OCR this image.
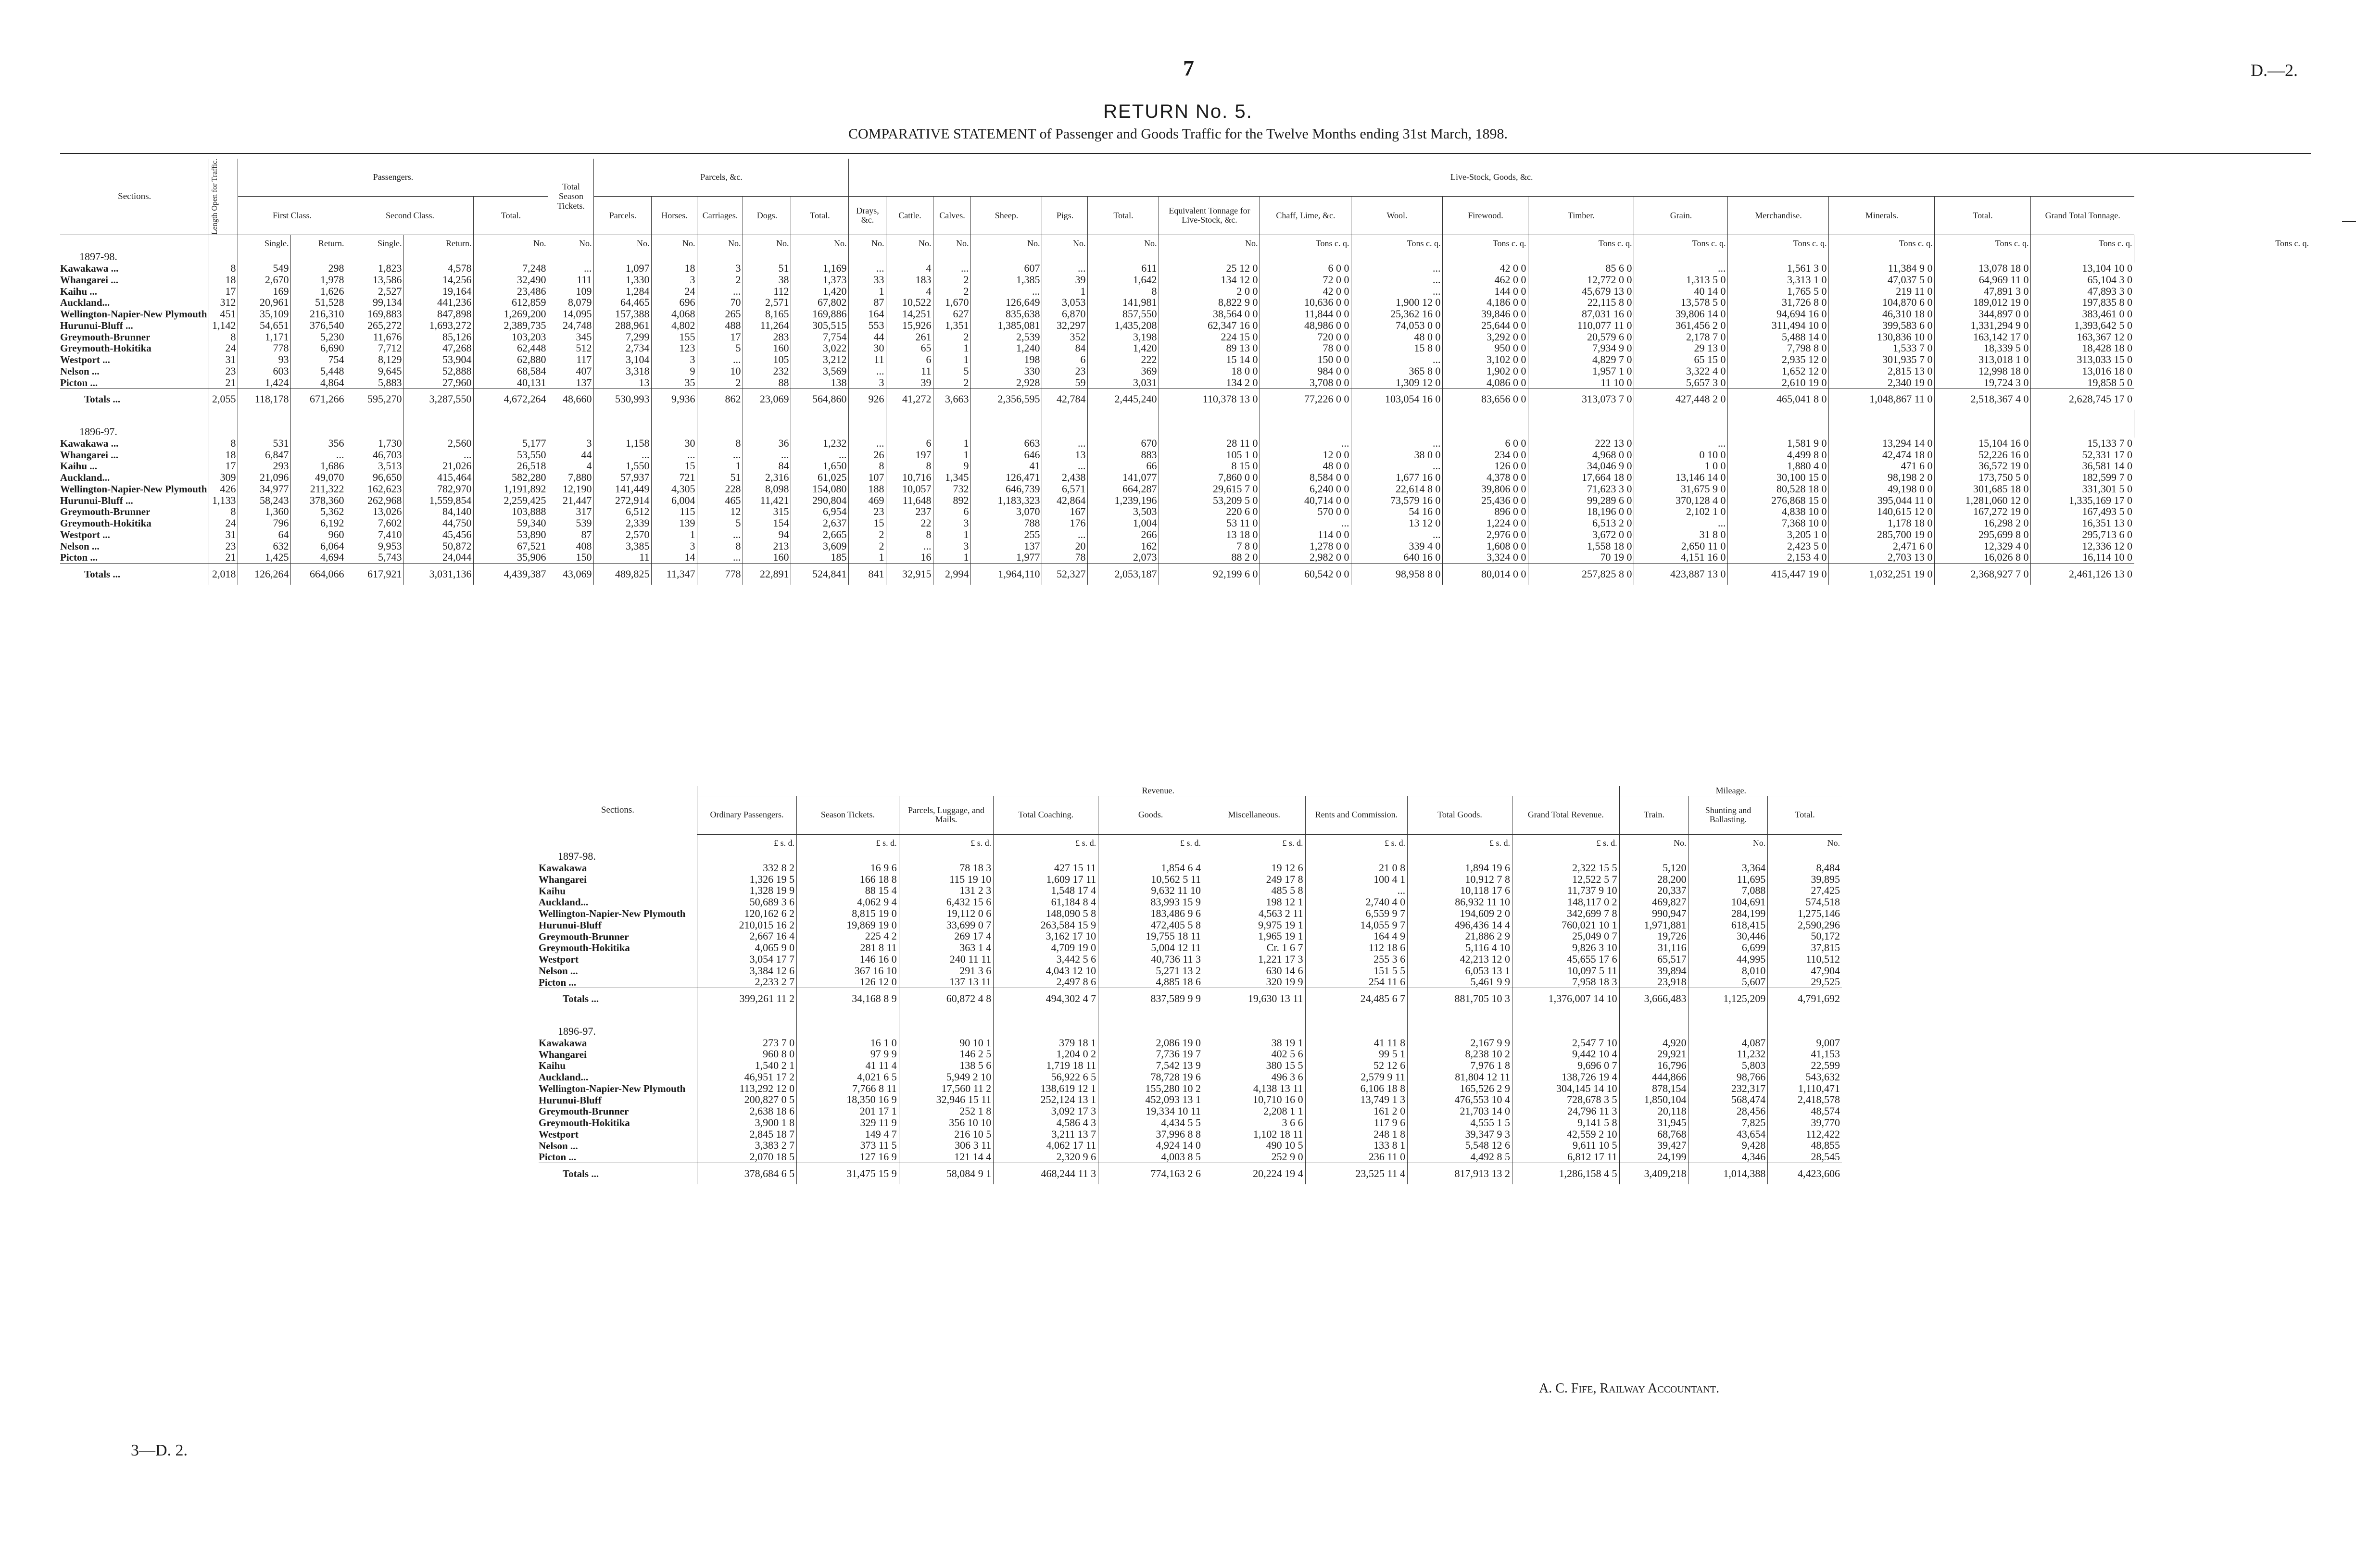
7	D.—2.
RETURN No. 5.
COMPARATIVE STATEMENT of Passenger and Goods Traffic for the Twelve Months ending 31st March, 1898.
Sections.	Length Open for Traffic.	Passengers.					Total Season Tickets.	Parcels, &c.					Live-Stock, Goods, &c.																
		First Class.		Second Class.		Total.		Parcels.	Horses.	Carriages.	Dogs.	Total.	Drays, &c.	Cattle.	Calves.	Sheep.	Pigs.	Total.	Equivalent Tonnage for Live-Stock, &c.	Chaff, Lime, &c.	Wool.	Firewood.	Timber.	Grain.	Merchandise.	Minerals.	Total.	Grand Total Tonnage.	
		Single.	Return.	Single.	Return.	No.	No.	No.	No.	No.	No.	No.	No.	No.	No.	No.	No.	No.	No.	Tons c. q.	Tons c. q.	Tons c. q.	Tons c. q.	Tons c. q.	Tons c. q.	Tons c. q.	Tons c. q.	Tons c. q.	Tons c. q.
1897-98.																													
Kawakawa ...	8	549	298	1,823	4,578	7,248	...	1,097	18	3	51	1,169	...	4	...	607	...	611	25 12 0	6 0 0	...	42 0 0	85 6 0	...	1,561 3 0	11,384 9 0	13,078 18 0	13,104 10 0	
Whangarei ...	18	2,670	1,978	13,586	14,256	32,490	111	1,330	3	2	38	1,373	33	183	2	1,385	39	1,642	134 12 0	72 0 0	...	462 0 0	12,772 0 0	1,313 5 0	3,313 1 0	47,037 5 0	64,969 11 0	65,104 3 0	
Kaihu ...	17	169	1,626	2,527	19,164	23,486	109	1,284	24	...	112	1,420	1	4	2	...	1	8	2 0 0	42 0 0	...	144 0 0	45,679 13 0	40 14 0	1,765 5 0	219 11 0	47,891 3 0	47,893 3 0	
Auckland...	312	20,961	51,528	99,134	441,236	612,859	8,079	64,465	696	70	2,571	67,802	87	10,522	1,670	126,649	3,053	141,981	8,822 9 0	10,636 0 0	1,900 12 0	4,186 0 0	22,115 8 0	13,578 5 0	31,726 8 0	104,870 6 0	189,012 19 0	197,835 8 0	
Wellington-Napier-New Plymouth	451	35,109	216,310	169,883	847,898	1,269,200	14,095	157,388	4,068	265	8,165	169,886	164	14,251	627	835,638	6,870	857,550	38,564 0 0	11,844 0 0	25,362 16 0	39,846 0 0	87,031 16 0	39,806 14 0	94,694 16 0	46,310 18 0	344,897 0 0	383,461 0 0	
Hurunui-Bluff ...	1,142	54,651	376,540	265,272	1,693,272	2,389,735	24,748	288,961	4,802	488	11,264	305,515	553	15,926	1,351	1,385,081	32,297	1,435,208	62,347 16 0	48,986 0 0	74,053 0 0	25,644 0 0	110,077 11 0	361,456 2 0	311,494 10 0	399,583 6 0	1,331,294 9 0	1,393,642 5 0	
Greymouth-Brunner	8	1,171	5,230	11,676	85,126	103,203	345	7,299	155	17	283	7,754	44	261	2	2,539	352	3,198	224 15 0	720 0 0	48 0 0	3,292 0 0	20,579 6 0	2,178 7 0	5,488 14 0	130,836 10 0	163,142 17 0	163,367 12 0	
Greymouth-Hokitika	24	778	6,690	7,712	47,268	62,448	512	2,734	123	5	160	3,022	30	65	1	1,240	84	1,420	89 13 0	78 0 0	15 8 0	950 0 0	7,934 9 0	29 13 0	7,798 8 0	1,533 7 0	18,339 5 0	18,428 18 0	
Westport ...	31	93	754	8,129	53,904	62,880	117	3,104	3	...	105	3,212	11	6	1	198	6	222	15 14 0	150 0 0	...	3,102 0 0	4,829 7 0	65 15 0	2,935 12 0	301,935 7 0	313,018 1 0	313,033 15 0	
Nelson ...	23	603	5,448	9,645	52,888	68,584	407	3,318	9	10	232	3,569	...	11	5	330	23	369	18 0 0	984 0 0	365 8 0	1,902 0 0	1,957 1 0	3,322 4 0	1,652 12 0	2,815 13 0	12,998 18 0	13,016 18 0	
Picton ...	21	1,424	4,864	5,883	27,960	40,131	137	13	35	2	88	138	3	39	2	2,928	59	3,031	134 2 0	3,708 0 0	1,309 12 0	4,086 0 0	11 10 0	5,657 3 0	2,610 19 0	2,340 19 0	19,724 3 0	19,858 5 0	
Totals ...	2,055	118,178	671,266	595,270	3,287,550	4,672,264	48,660	530,993	9,936	862	23,069	564,860	926	41,272	3,663	2,356,595	42,784	2,445,240	110,378 13 0	77,226 0 0	103,054 16 0	83,656 0 0	313,073 7 0	427,448 2 0	465,041 8 0	1,048,867 11 0	2,518,367 4 0	2,628,745 17 0	

1896-97.																													
Kawakawa ...	8	531	356	1,730	2,560	5,177	3	1,158	30	8	36	1,232	...	6	1	663	...	670	28 11 0	...	...	6 0 0	222 13 0	...	1,581 9 0	13,294 14 0	15,104 16 0	15,133 7 0	
Whangarei ...	18	6,847	...	46,703	...	53,550	44	...	...	...	...	...	26	197	1	646	13	883	105 1 0	12 0 0	38 0 0	234 0 0	4,968 0 0	0 10 0	4,499 8 0	42,474 18 0	52,226 16 0	52,331 17 0	
Kaihu ...	17	293	1,686	3,513	21,026	26,518	4	1,550	15	1	84	1,650	8	8	9	41	...	66	8 15 0	48 0 0	...	126 0 0	34,046 9 0	1 0 0	1,880 4 0	471 6 0	36,572 19 0	36,581 14 0	
Auckland...	309	21,096	49,070	96,650	415,464	582,280	7,880	57,937	721	51	2,316	61,025	107	10,716	1,345	126,471	2,438	141,077	7,860 0 0	8,584 0 0	1,677 16 0	4,378 0 0	17,664 18 0	13,146 14 0	30,100 15 0	98,198 2 0	173,750 5 0	182,599 7 0	
Wellington-Napier-New Plymouth	426	34,977	211,322	162,623	782,970	1,191,892	12,190	141,449	4,305	228	8,098	154,080	188	10,057	732	646,739	6,571	664,287	29,615 7 0	6,240 0 0	22,614 8 0	39,806 0 0	71,623 3 0	31,675 9 0	80,528 18 0	49,198 0 0	301,685 18 0	331,301 5 0	
Hurunui-Bluff ...	1,133	58,243	378,360	262,968	1,559,854	2,259,425	21,447	272,914	6,004	465	11,421	290,804	469	11,648	892	1,183,323	42,864	1,239,196	53,209 5 0	40,714 0 0	73,579 16 0	25,436 0 0	99,289 6 0	370,128 4 0	276,868 15 0	395,044 11 0	1,281,060 12 0	1,335,169 17 0	
Greymouth-Brunner	8	1,360	5,362	13,026	84,140	103,888	317	6,512	115	12	315	6,954	23	237	6	3,070	167	3,503	220 6 0	570 0 0	54 16 0	896 0 0	18,196 0 0	2,102 1 0	4,838 10 0	140,615 12 0	167,272 19 0	167,493 5 0	
Greymouth-Hokitika	24	796	6,192	7,602	44,750	59,340	539	2,339	139	5	154	2,637	15	22	3	788	176	1,004	53 11 0	...	13 12 0	1,224 0 0	6,513 2 0	...	7,368 10 0	1,178 18 0	16,298 2 0	16,351 13 0	
Westport ...	31	64	960	7,410	45,456	53,890	87	2,570	1	...	94	2,665	2	8	1	255	...	266	13 18 0	114 0 0	...	2,976 0 0	3,672 0 0	31 8 0	3,205 1 0	285,700 19 0	295,699 8 0	295,713 6 0	
Nelson ...	23	632	6,064	9,953	50,872	67,521	408	3,385	3	8	213	3,609	2	...	3	137	20	162	7 8 0	1,278 0 0	339 4 0	1,608 0 0	1,558 18 0	2,650 11 0	2,423 5 0	2,471 6 0	12,329 4 0	12,336 12 0	
Picton ...	21	1,425	4,694	5,743	24,044	35,906	150	11	14	...	160	185	1	16	1	1,977	78	2,073	88 2 0	2,982 0 0	640 16 0	3,324 0 0	70 19 0	4,151 16 0	2,153 4 0	2,703 13 0	16,026 8 0	16,114 10 0	
Totals ...	2,018	126,264	664,066	617,921	3,031,136	4,439,387	43,069	489,825	11,347	778	22,891	524,841	841	32,915	2,994	1,964,110	52,327	2,053,187	92,199 6 0	60,542 0 0	98,958 8 0	80,014 0 0	257,825 8 0	423,887 13 0	415,447 19 0	1,032,251 19 0	2,368,927 7 0	2,461,126 13 0	
Sections.	Revenue.									Mileage.		
	Ordinary Passengers.	Season Tickets.	Parcels, Luggage, and Mails.	Total Coaching.	Goods.	Miscellaneous.	Rents and Commission.	Total Goods.	Grand Total Revenue.	Train.	Shunting and Ballasting.	Total.
	£ s. d.	£ s. d.	£ s. d.	£ s. d.	£ s. d.	£ s. d.	£ s. d.	£ s. d.	£ s. d.	No.	No.	No.
1897-98.												
Kawakawa	332 8 2	16 9 6	78 18 3	427 15 11	1,854 6 4	19 12 6	21 0 8	1,894 19 6	2,322 15 5	5,120	3,364	8,484
Whangarei	1,326 19 5	166 18 8	115 19 10	1,609 17 11	10,562 5 11	249 17 8	100 4 1	10,912 7 8	12,522 5 7	28,200	11,695	39,895
Kaihu	1,328 19 9	88 15 4	131 2 3	1,548 17 4	9,632 11 10	485 5 8	...	10,118 17 6	11,737 9 10	20,337	7,088	27,425
Auckland...	50,689 3 6	4,062 9 4	6,432 15 6	61,184 8 4	83,993 15 9	198 12 1	2,740 4 0	86,932 11 10	148,117 0 2	469,827	104,691	574,518
Wellington-Napier-New Plymouth	120,162 6 2	8,815 19 0	19,112 0 6	148,090 5 8	183,486 9 6	4,563 2 11	6,559 9 7	194,609 2 0	342,699 7 8	990,947	284,199	1,275,146
Hurunui-Bluff	210,015 16 2	19,869 19 0	33,699 0 7	263,584 15 9	472,405 5 8	9,975 19 1	14,055 9 7	496,436 14 4	760,021 10 1	1,971,881	618,415	2,590,296
Greymouth-Brunner	2,667 16 4	225 4 2	269 17 4	3,162 17 10	19,755 18 11	1,965 19 1	164 4 9	21,886 2 9	25,049 0 7	19,726	30,446	50,172
Greymouth-Hokitika	4,065 9 0	281 8 11	363 1 4	4,709 19 0	5,004 12 11	Cr. 1 6 7	112 18 6	5,116 4 10	9,826 3 10	31,116	6,699	37,815
Westport	3,054 17 7	146 16 0	240 11 11	3,442 5 6	40,736 11 3	1,221 17 3	255 3 6	42,213 12 0	45,655 17 6	65,517	44,995	110,512
Nelson ...	3,384 12 6	367 16 10	291 3 6	4,043 12 10	5,271 13 2	630 14 6	151 5 5	6,053 13 1	10,097 5 11	39,894	8,010	47,904
Picton ...	2,233 2 7	126 12 0	137 13 11	2,497 8 6	4,885 18 6	320 19 9	254 11 6	5,461 9 9	7,958 18 3	23,918	5,607	29,525
Totals ...	399,261 11 2	34,168 8 9	60,872 4 8	494,302 4 7	837,589 9 9	19,630 13 11	24,485 6 7	881,705 10 3	1,376,007 14 10	3,666,483	1,125,209	4,791,692

1896-97.												
Kawakawa	273 7 0	16 1 0	90 10 1	379 18 1	2,086 19 0	38 19 1	41 11 8	2,167 9 9	2,547 7 10	4,920	4,087	9,007
Whangarei	960 8 0	97 9 9	146 2 5	1,204 0 2	7,736 19 7	402 5 6	99 5 1	8,238 10 2	9,442 10 4	29,921	11,232	41,153
Kaihu	1,540 2 1	41 11 4	138 5 6	1,719 18 11	7,542 13 9	380 15 5	52 12 6	7,976 1 8	9,696 0 7	16,796	5,803	22,599
Auckland...	46,951 17 2	4,021 6 5	5,949 2 10	56,922 6 5	78,728 19 6	496 3 6	2,579 9 11	81,804 12 11	138,726 19 4	444,866	98,766	543,632
Wellington-Napier-New Plymouth	113,292 12 0	7,766 8 11	17,560 11 2	138,619 12 1	155,280 10 2	4,138 13 11	6,106 18 8	165,526 2 9	304,145 14 10	878,154	232,317	1,110,471
Hurunui-Bluff	200,827 0 5	18,350 16 9	32,946 15 11	252,124 13 1	452,093 13 1	10,710 16 0	13,749 1 3	476,553 10 4	728,678 3 5	1,850,104	568,474	2,418,578
Greymouth-Brunner	2,638 18 6	201 17 1	252 1 8	3,092 17 3	19,334 10 11	2,208 1 1	161 2 0	21,703 14 0	24,796 11 3	20,118	28,456	48,574
Greymouth-Hokitika	3,900 1 8	329 11 9	356 10 10	4,586 4 3	4,434 5 5	3 6 6	117 9 6	4,555 1 5	9,141 5 8	31,945	7,825	39,770
Westport	2,845 18 7	149 4 7	216 10 5	3,211 13 7	37,996 8 8	1,102 18 11	248 1 8	39,347 9 3	42,559 2 10	68,768	43,654	112,422
Nelson ...	3,383 2 7	373 11 5	306 3 11	4,062 17 11	4,924 14 0	490 10 5	133 8 1	5,548 12 6	9,611 10 5	39,427	9,428	48,855
Picton ...	2,070 18 5	127 16 9	121 14 4	2,320 9 6	4,003 8 5	252 9 0	236 11 0	4,492 8 5	6,812 17 11	24,199	4,346	28,545
Totals ...	378,684 6 5	31,475 15 9	58,084 9 1	468,244 11 3	774,163 2 6	20,224 19 4	23,525 11 4	817,913 13 2	1,286,158 4 5	3,409,218	1,014,388	4,423,606
A. C. Fife, Railway Accountant.
3—D. 2.
